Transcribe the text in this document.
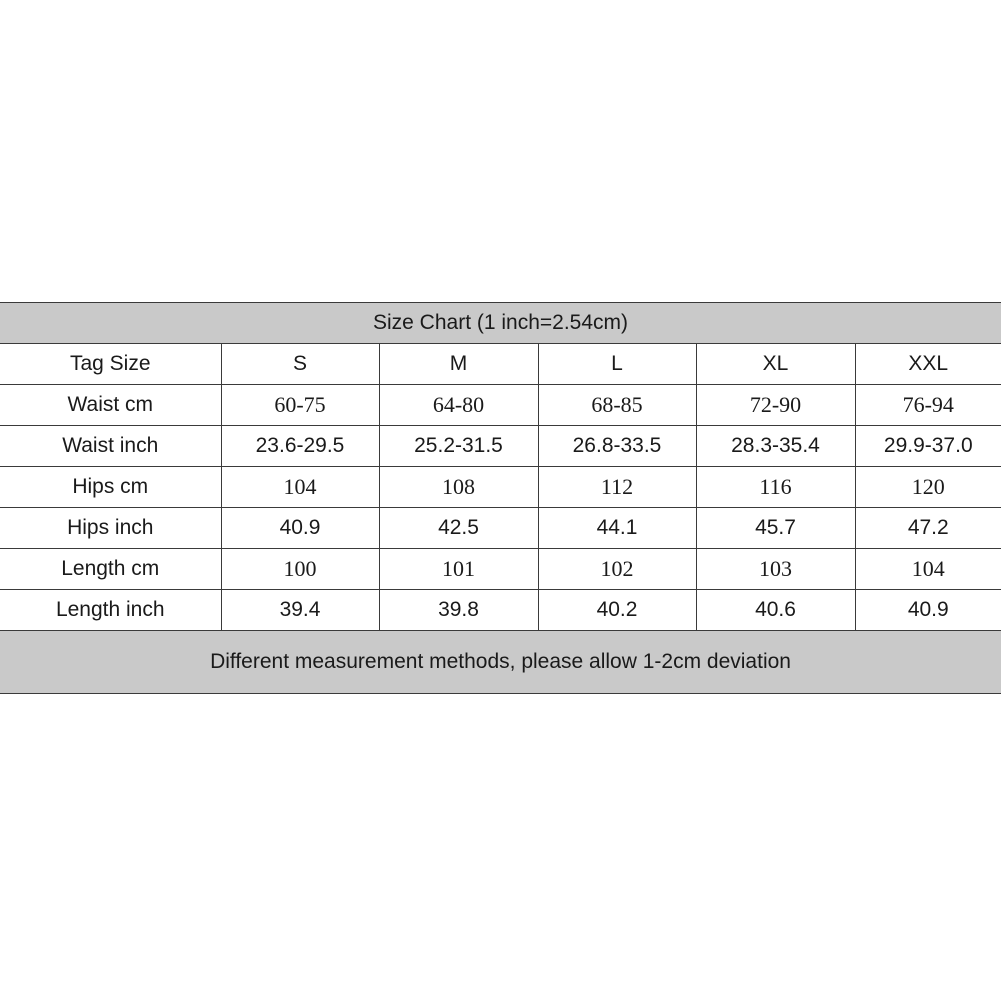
Size Chart (1 inch=2.54cm)					
Tag Size	S	M	L	XL	XXL
Waist cm	60-75	64-80	68-85	72-90	76-94
Waist inch	23.6-29.5	25.2-31.5	26.8-33.5	28.3-35.4	29.9-37.0
Hips cm	104	108	112	116	120
Hips inch	40.9	42.5	44.1	45.7	47.2
Length cm	100	101	102	103	104
Length inch	39.4	39.8	40.2	40.6	40.9
Different measurement methods, please allow 1-2cm deviation					
